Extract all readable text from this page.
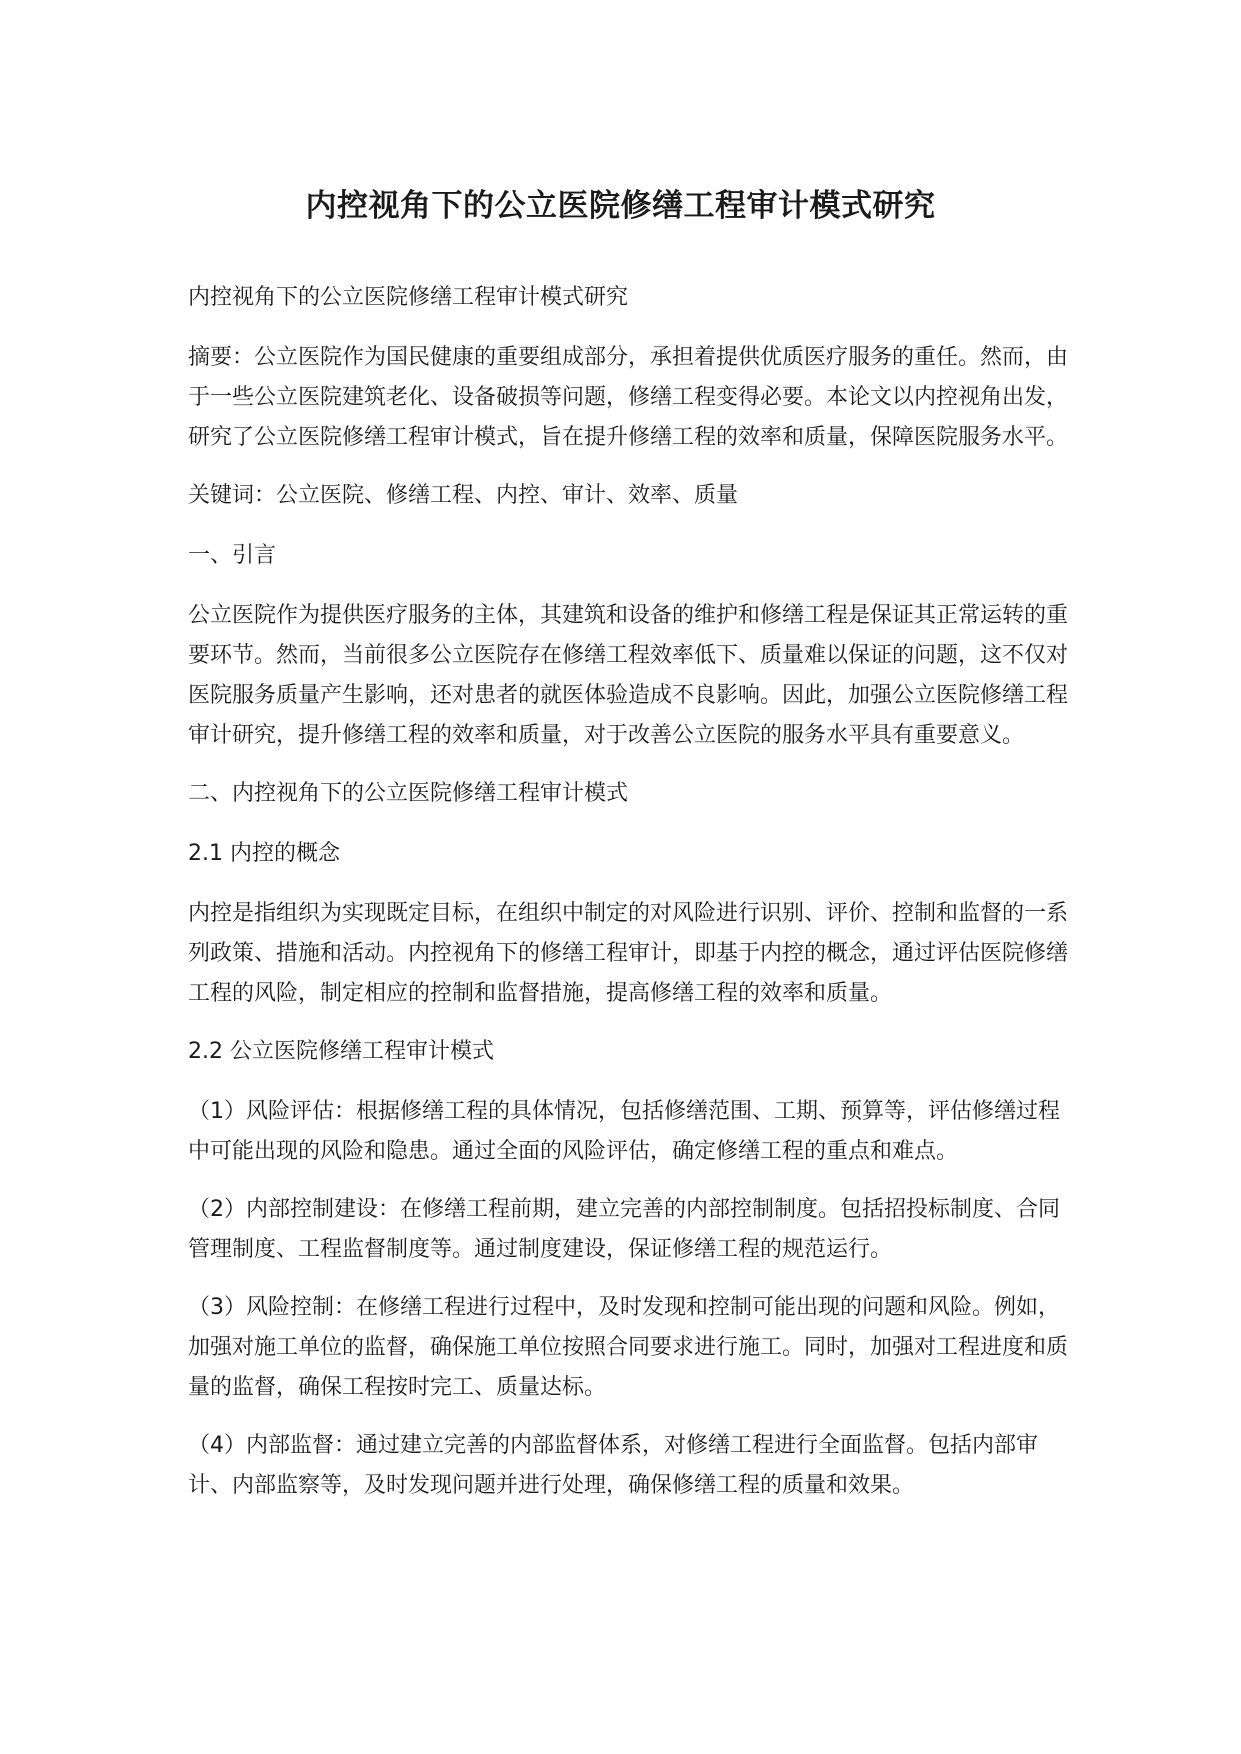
内控视角下的公立医院修缮工程审计模式研究

内控视角下的公立医院修缮工程审计模式研究

摘要：公立医院作为国民健康的重要组成部分，承担着提供优质医疗服务的重任。然而，由于一些公立医院建筑老化、设备破损等问题，修缮工程变得必要。本论文以内控视角出发，研究了公立医院修缮工程审计模式，旨在提升修缮工程的效率和质量，保障医院服务水平。

关键词：公立医院、修缮工程、内控、审计、效率、质量

一、引言

公立医院作为提供医疗服务的主体，其建筑和设备的维护和修缮工程是保证其正常运转的重要环节。然而，当前很多公立医院存在修缮工程效率低下、质量难以保证的问题，这不仅对医院服务质量产生影响，还对患者的就医体验造成不良影响。因此，加强公立医院修缮工程审计研究，提升修缮工程的效率和质量，对于改善公立医院的服务水平具有重要意义。

二、内控视角下的公立医院修缮工程审计模式

2.1 内控的概念

内控是指组织为实现既定目标，在组织中制定的对风险进行识别、评价、控制和监督的一系列政策、措施和活动。内控视角下的修缮工程审计，即基于内控的概念，通过评估医院修缮工程的风险，制定相应的控制和监督措施，提高修缮工程的效率和质量。

2.2 公立医院修缮工程审计模式

（1）风险评估：根据修缮工程的具体情况，包括修缮范围、工期、预算等，评估修缮过程中可能出现的风险和隐患。通过全面的风险评估，确定修缮工程的重点和难点。

（2）内部控制建设：在修缮工程前期，建立完善的内部控制制度。包括招投标制度、合同管理制度、工程监督制度等。通过制度建设，保证修缮工程的规范运行。

（3）风险控制：在修缮工程进行过程中，及时发现和控制可能出现的问题和风险。例如，加强对施工单位的监督，确保施工单位按照合同要求进行施工。同时，加强对工程进度和质量的监督，确保工程按时完工、质量达标。

（4）内部监督：通过建立完善的内部监督体系，对修缮工程进行全面监督。包括内部审计、内部监察等，及时发现问题并进行处理，确保修缮工程的质量和效果。
